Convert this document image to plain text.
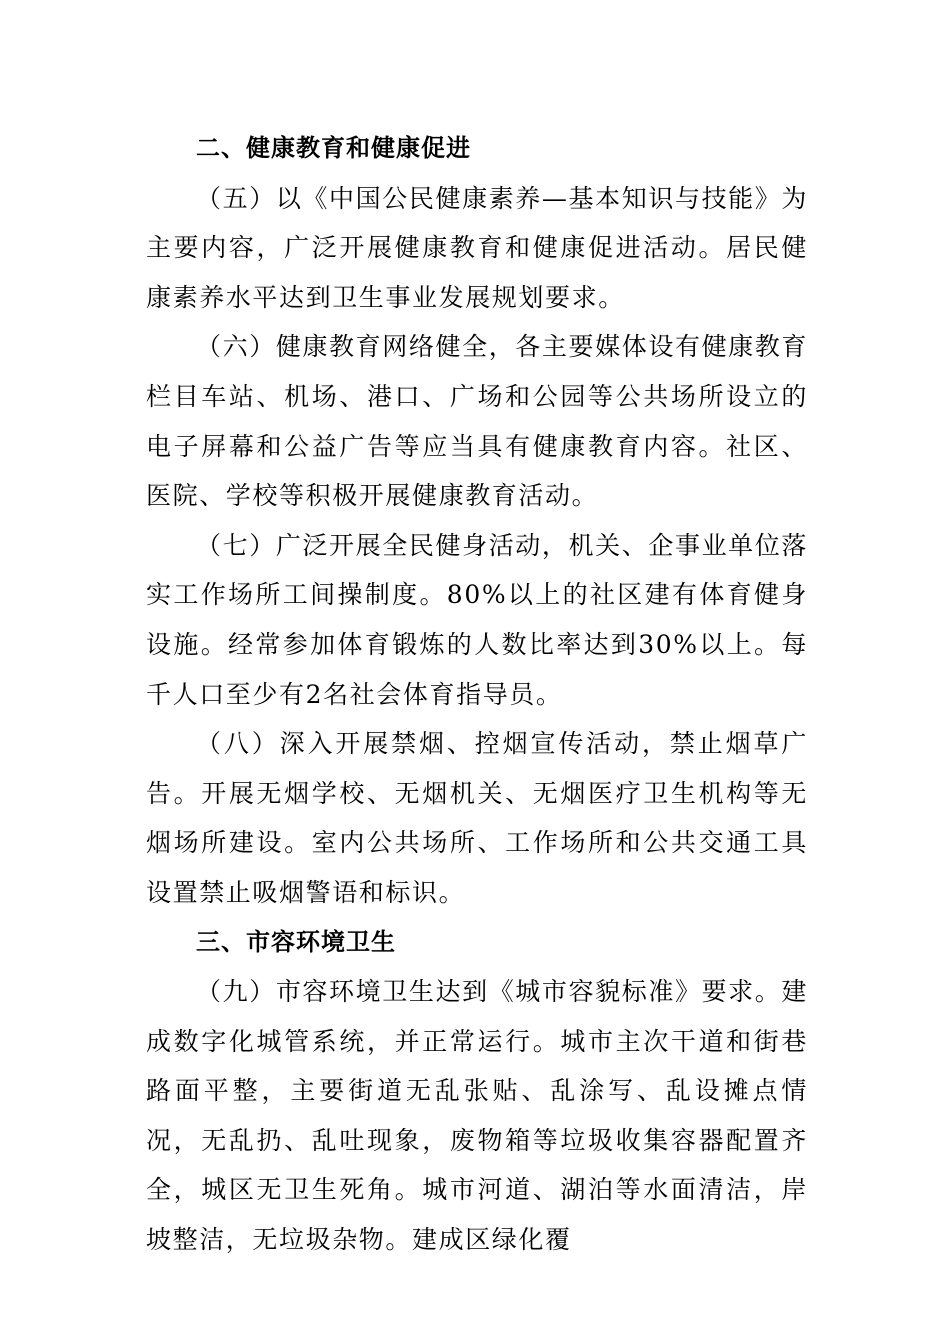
二、健康教育和健康促进

（五）以《中国公民健康素养—基本知识与技能》为主要内容，广泛开展健康教育和健康促进活动。居民健康素养水平达到卫生事业发展规划要求。

（六）健康教育网络健全，各主要媒体设有健康教育栏目车站、机场、港口、广场和公园等公共场所设立的电子屏幕和公益广告等应当具有健康教育内容。社区、医院、学校等积极开展健康教育活动。

（七）广泛开展全民健身活动，机关、企事业单位落实工作场所工间操制度。80%以上的社区建有体育健身设施。经常参加体育锻炼的人数比率达到30%以上。每千人口至少有2名社会体育指导员。

（八）深入开展禁烟、控烟宣传活动，禁止烟草广告。开展无烟学校、无烟机关、无烟医疗卫生机构等无烟场所建设。室内公共场所、工作场所和公共交通工具设置禁止吸烟警语和标识。

三、市容环境卫生

（九）市容环境卫生达到《城市容貌标准》要求。建成数字化城管系统，并正常运行。城市主次干道和街巷路面平整，主要街道无乱张贴、乱涂写、乱设摊点情况，无乱扔、乱吐现象，废物箱等垃圾收集容器配置齐全，城区无卫生死角。城市河道、湖泊等水面清洁，岸坡整洁，无垃圾杂物。建成区绿化覆
